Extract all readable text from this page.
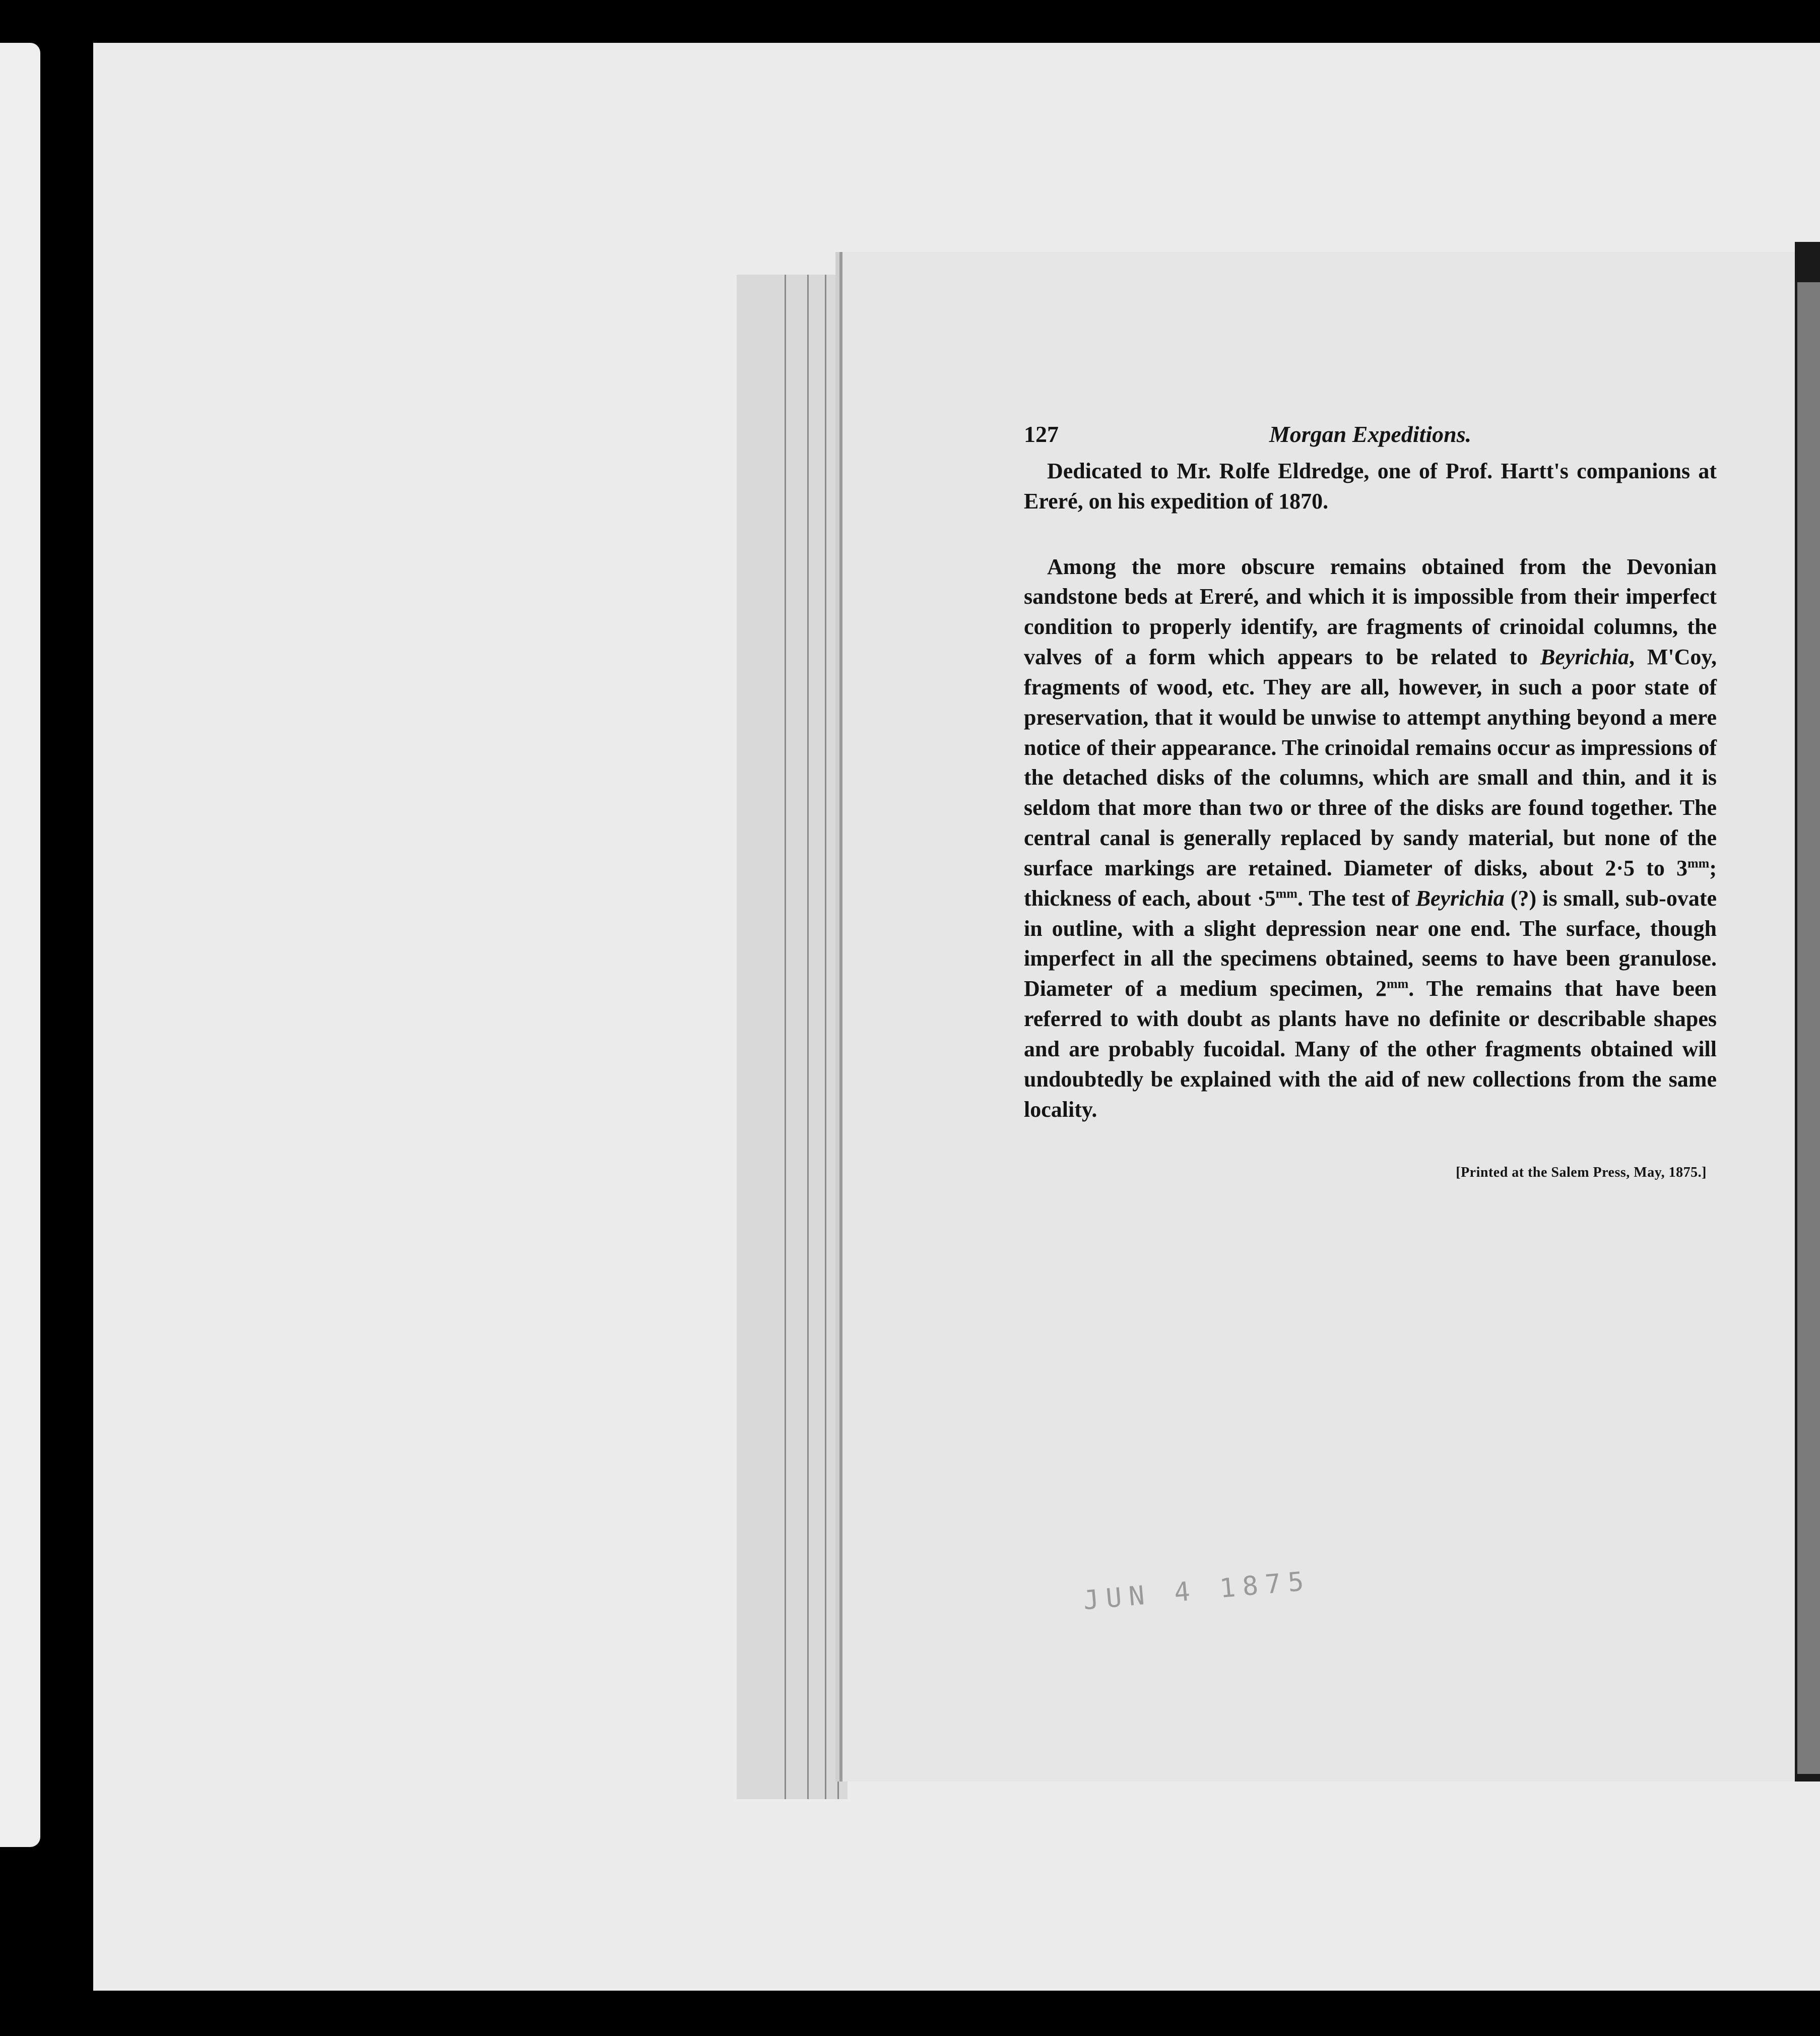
127	Morgan Expeditions.

Dedicated to Mr. Rolfe Eldredge, one of Prof. Hartt's companions at Ereré, on his expedition of 1870.

Among the more obscure remains obtained from the Devonian sandstone beds at Ereré, and which it is impossible from their imperfect condition to properly identify, are fragments of crinoidal columns, the valves of a form which appears to be related to Beyrichia, M'Coy, fragments of wood, etc. They are all, however, in such a poor state of preservation, that it would be unwise to attempt anything beyond a mere notice of their appearance. The crinoidal remains occur as impressions of the detached disks of the columns, which are small and thin, and it is seldom that more than two or three of the disks are found together. The central canal is generally replaced by sandy material, but none of the surface markings are retained. Diameter of disks, about 2·5 to $3^{mm}$; thickness of each, about $\cdot 5^{mm}$. The test of Beyrichia (?) is small, sub-ovate in outline, with a slight depression near one end. The surface, though imperfect in all the specimens obtained, seems to have been granulose. Diameter of a medium specimen, $2^{mm}$. The remains that have been referred to with doubt as plants have no definite or describable shapes and are probably fucoidal. Many of the other fragments obtained will undoubtedly be explained with the aid of new collections from the same locality.

[Printed at the Salem Press, May, 1875.]
JUN 4 1875
